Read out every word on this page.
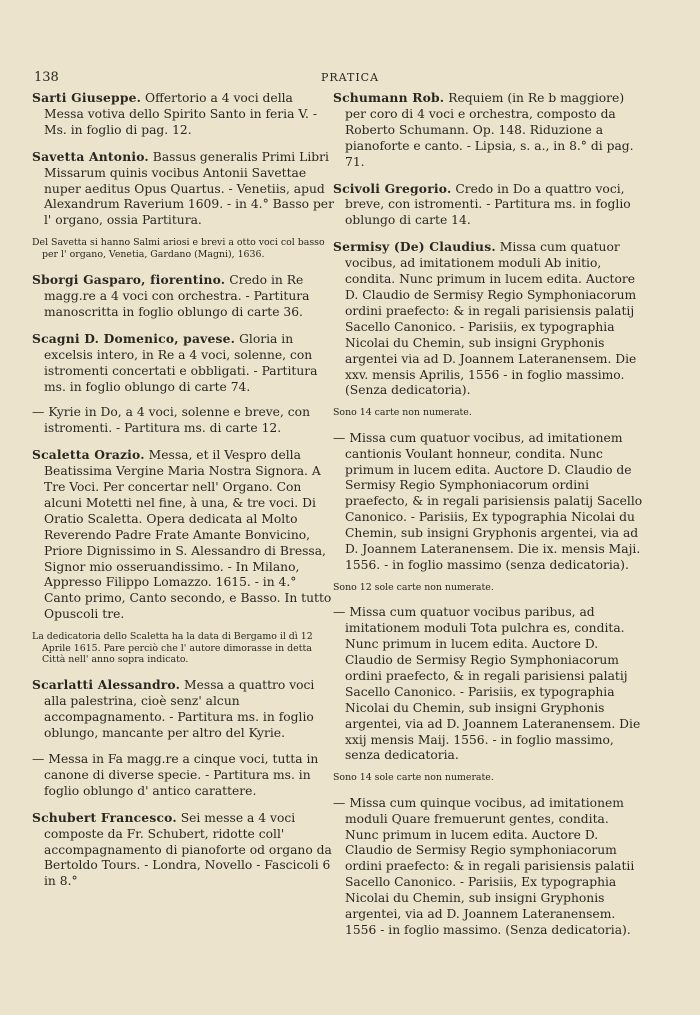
138	PRATICA

Sarti Giuseppe. Offertorio a 4 voci della Messa votiva dello Spirito Santo in feria V. - Ms. in foglio di pag. 12.

Savetta Antonio. Bassus generalis Primi Libri Missarum quinis vocibus Antonii Savettae nuper aeditus Opus Quartus. - Venetiis, apud Alexandrum Raverium 1609. - in 4.° Basso per l' organo, ossia Partitura.

Del Savetta si hanno Salmi ariosi e brevi a otto voci col basso per l' organo, Venetia, Gardano (Magni), 1636.

Sborgi Gasparo, fiorentino. Credo in Re magg.re a 4 voci con orchestra. - Partitura manoscritta in foglio oblungo di carte 36.

Scagni D. Domenico, pavese. Gloria in excelsis intero, in Re a 4 voci, solenne, con istromenti concertati e obbligati. - Partitura ms. in foglio oblungo di carte 74.

— Kyrie in Do, a 4 voci, solenne e breve, con istromenti. - Partitura ms. di carte 12.

Scaletta Orazio. Messa, et il Vespro della Beatissima Vergine Maria Nostra Signora. A Tre Voci. Per concertar nell' Organo. Con alcuni Motetti nel fine, à una, & tre voci. Di Oratio Scaletta. Opera dedicata al Molto Reverendo Padre Frate Amante Bonvicino, Priore Dignissimo in S. Alessandro di Bressa, Signor mio osseruandissimo. - In Milano, Appresso Filippo Lomazzo. 1615. - in 4.° Canto primo, Canto secondo, e Basso. In tutto Opuscoli tre.

La dedicatoria dello Scaletta ha la data di Bergamo il dì 12 Aprile 1615. Pare perciò che l' autore dimorasse in detta Città nell' anno sopra indicato.

Scarlatti Alessandro. Messa a quattro voci alla palestrina, cioè senz' alcun accompagnamento. - Partitura ms. in foglio oblungo, mancante per altro del Kyrie.

— Messa in Fa magg.re a cinque voci, tutta in canone di diverse specie. - Partitura ms. in foglio oblungo d' antico carattere.

Schubert Francesco. Sei messe a 4 voci composte da Fr. Schubert, ridotte coll' accompagnamento di pianoforte od organo da Bertoldo Tours. - Londra, Novello - Fascicoli 6 in 8.°

Schumann Rob. Requiem (in Re b maggiore) per coro di 4 voci e orchestra, composto da Roberto Schumann. Op. 148. Riduzione a pianoforte e canto. - Lipsia, s. a., in 8.° di pag. 71.

Scivoli Gregorio. Credo in Do a quattro voci, breve, con istromenti. - Partitura ms. in foglio oblungo di carte 14.

Sermisy (De) Claudius. Missa cum quatuor vocibus, ad imitationem moduli Ab initio, condita. Nunc primum in lucem edita. Auctore D. Claudio de Sermisy Regio Symphoniacorum ordini praefecto: & in regali parisiensis palatij Sacello Canonico. - Parisiis, ex typographia Nicolai du Chemin, sub insigni Gryphonis argentei via ad D. Joannem Lateranensem. Die xxv. mensis Aprilis, 1556 - in foglio massimo. (Senza dedicatoria).

Sono 14 carte non numerate.

— Missa cum quatuor vocibus, ad imitationem cantionis Voulant honneur, condita. Nunc primum in lucem edita. Auctore D. Claudio de Sermisy Regio Symphoniacorum ordini praefecto, & in regali parisiensis palatij Sacello Canonico. - Parisiis, Ex typographia Nicolai du Chemin, sub insigni Gryphonis argentei, via ad D. Joannem Lateranensem. Die ix. mensis Maji. 1556. - in foglio massimo (senza dedicatoria).

Sono 12 sole carte non numerate.

— Missa cum quatuor vocibus paribus, ad imitationem moduli Tota pulchra es, condita. Nunc primum in lucem edita. Auctore D. Claudio de Sermisy Regio Symphoniacorum ordini praefecto, & in regali parisiensi palatij Sacello Canonico. - Parisiis, ex typographia Nicolai du Chemin, sub insigni Gryphonis argentei, via ad D. Joannem Lateranensem. Die xxij mensis Maij. 1556. - in foglio massimo, senza dedicatoria.

Sono 14 sole carte non numerate.

— Missa cum quinque vocibus, ad imitationem moduli Quare fremuerunt gentes, condita. Nunc primum in lucem edita. Auctore D. Claudio de Sermisy Regio symphoniacorum ordini praefecto: & in regali parisiensis palatii Sacello Canonico. - Parisiis, Ex typographia Nicolai du Chemin, sub insigni Gryphonis argentei, via ad D. Joannem Lateranensem. 1556 - in foglio massimo. (Senza dedicatoria).
